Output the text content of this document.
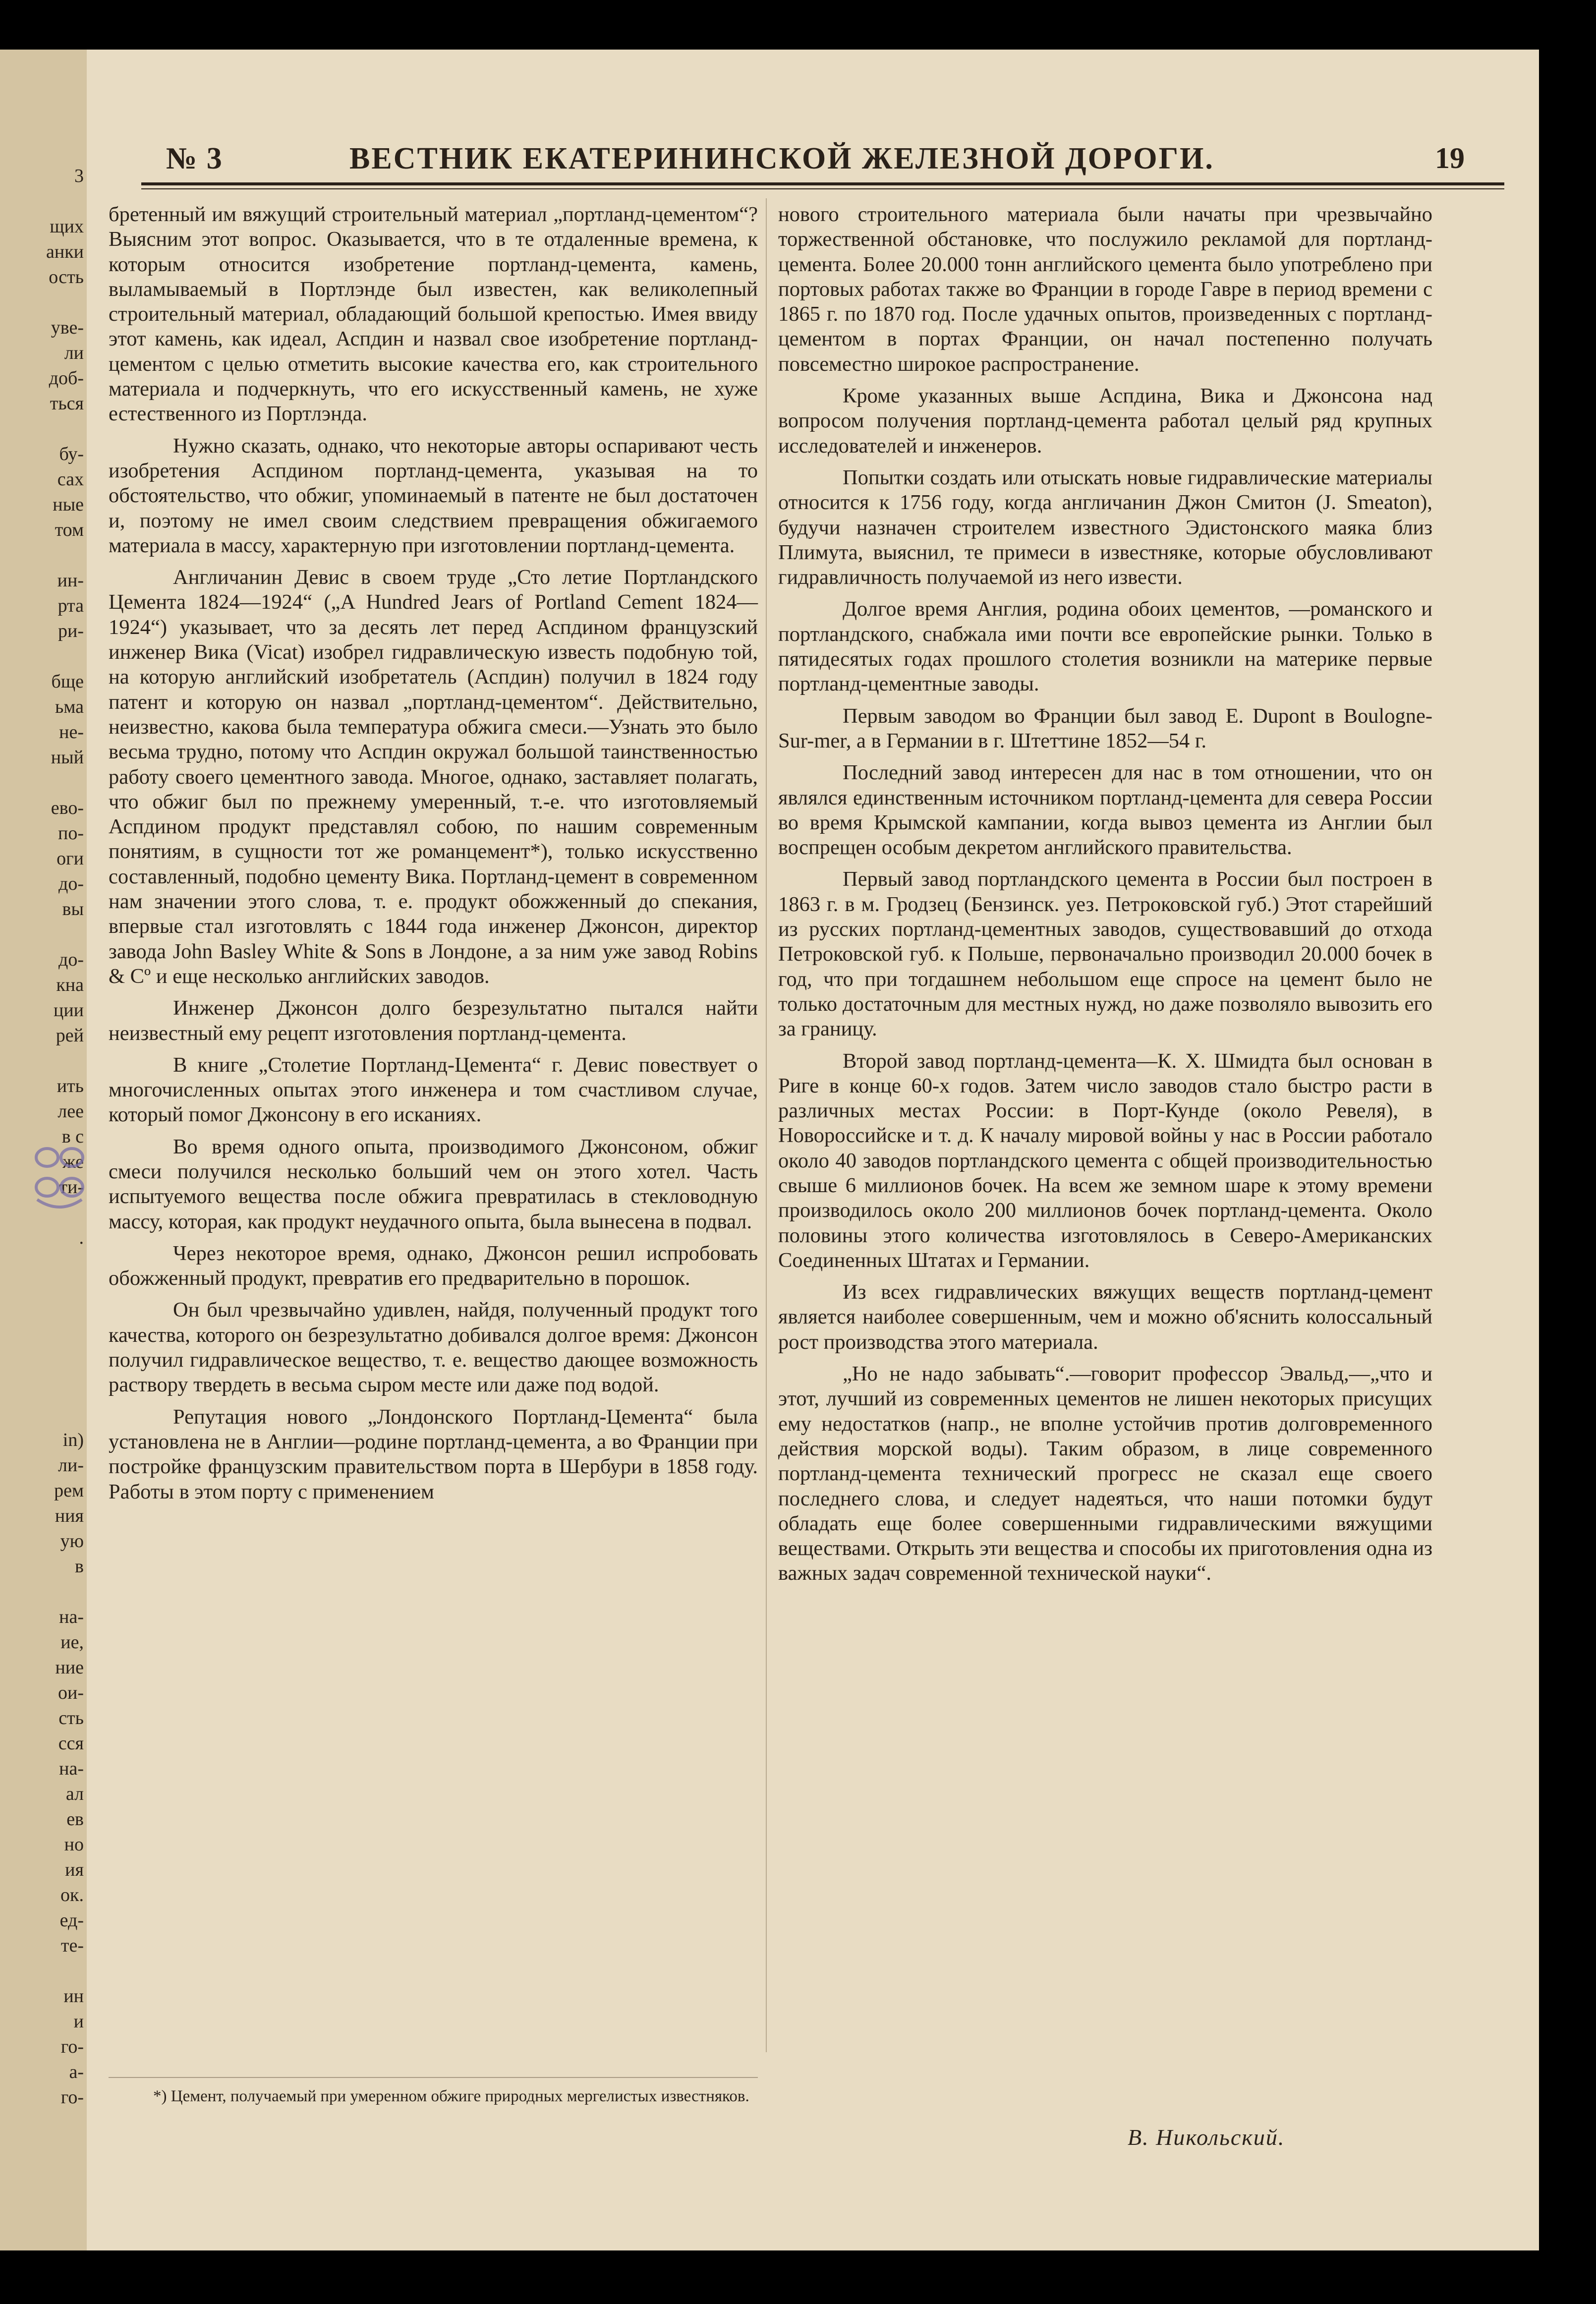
3

щих
анки
ость

уве-
ли
доб-
ться

бу-
сах
ные
том

ин-
рта
ри-

бще
ьма
не-
ный

ево-
по-
оги
до-
вы

до-
кна
ции
рей

ить
лее
в с
же
ти-

.

in)
ли-
рем
ния
ую
в

на-
ие,
ние
ои-
сть
сся
на-
ал
ев
но
ия
ок.
ед-
те-

ин
и
го-
а-
го-
№ 3	ВЕСТНИК ЕКАТЕРИНИНСКОЙ ЖЕЛЕЗНОЙ ДОРОГИ.	19

бретенный им вяжущий строительный материал „портланд-цементом“? Выясним этот вопрос. Оказывается, что в те отдаленные времена, к которым относится изобретение портланд-цемента, камень, выламываемый в Портлэнде был известен, как великолепный строительный материал, обладающий большой крепостью. Имея ввиду этот камень, как идеал, Аспдин и назвал свое изобретение портланд-цементом с целью отметить высокие качества его, как строительного материала и подчеркнуть, что его искусственный камень, не хуже естественного из Портлэнда.

Нужно сказать, однако, что некоторые авторы оспаривают честь изобретения Аспдином портланд-цемента, указывая на то обстоятельство, что обжиг, упоминаемый в патенте не был достаточен и, поэтому не имел своим следствием превращения обжигаемого материала в массу, характерную при изготовлении портланд-цемента.

Англичанин Девис в своем труде „Сто летие Портландского Цемента 1824—1924“ („A Hundred Jears of Portland Cement 1824—1924“) указывает, что за десять лет перед Аспдином французский инженер Вика (Vicat) изобрел гидравлическую известь подобную той, на которую английский изобретатель (Аспдин) получил в 1824 году патент и которую он назвал „портланд-цементом“. Действительно, неизвестно, какова была температура обжига смеси.—Узнать это было весьма трудно, потому что Аспдин окружал большой таинственностью работу своего цементного завода. Многое, однако, заставляет полагать, что обжиг был по прежнему умеренный, т.-е. что изготовляемый Аспдином продукт представлял собою, по нашим современным понятиям, в сущности тот же романцемент*), только искусственно составленный, подобно цементу Вика. Портланд-цемент в современном нам значении этого слова, т. е. продукт обожженный до спекания, впервые стал изготовлять с 1844 года инженер Джонсон, директор завода John Basley White & Sons в Лондоне, а за ним уже завод Robins & Cº и еще несколько английских заводов.

Инженер Джонсон долго безрезультатно пытался найти неизвестный ему рецепт изготовления портланд-цемента.

В книге „Столетие Портланд-Цемента“ г. Девис повествует о многочисленных опытах этого инженера и том счастливом случае, который помог Джонсону в его исканиях.

Во время одного опыта, производимого Джонсоном, обжиг смеси получился несколько больший чем он этого хотел. Часть испытуемого вещества после обжига превратилась в стекловодную массу, которая, как продукт неудачного опыта, была вынесена в подвал.

Через некоторое время, однако, Джонсон решил испробовать обожженный продукт, превратив его предварительно в порошок.

Он был чрезвычайно удивлен, найдя, полученный продукт того качества, которого он безрезультатно добивался долгое время: Джонсон получил гидравлическое вещество, т. е. вещество дающее возможность раствору твердеть в весьма сыром месте или даже под водой.

Репутация нового „Лондонского Портланд-Цемента“ была установлена не в Англии—родине портланд-цемента, а во Франции при постройке французским правительством порта в Шербури в 1858 году. Работы в этом порту с применением

нового строительного материала были начаты при чрезвычайно торжественной обстановке, что послужило рекламой для портланд-цемента. Более 20.000 тонн английского цемента было употреблено при портовых работах также во Франции в городе Гавре в период времени с 1865 г. по 1870 год. После удачных опытов, произведенных с портланд-цементом в портах Франции, он начал постепенно получать повсеместно широкое распространение.

Кроме указанных выше Аспдина, Вика и Джонсона над вопросом получения портланд-цемента работал целый ряд крупных исследователей и инженеров.

Попытки создать или отыскать новые гидравлические материалы относится к 1756 году, когда англичанин Джон Смитон (J. Smeaton), будучи назначен строителем известного Эдистонского маяка близ Плимута, выяснил, те примеси в известняке, которые обусловливают гидравличность получаемой из него извести.

Долгое время Англия, родина обоих цементов, —романского и портландского, снабжала ими почти все европейские рынки. Только в пятидесятых годах прошлого столетия возникли на материке первые портланд-цементные заводы.

Первым заводом во Франции был завод E. Dupont в Boulogne-Sur-mer, а в Германии в г. Штеттине 1852—54 г.

Последний завод интересен для нас в том отношении, что он являлся единственным источником портланд-цемента для севера России во время Крымской кампании, когда вывоз цемента из Англии был воспрещен особым декретом английского правительства.

Первый завод портландского цемента в России был построен в 1863 г. в м. Гродзец (Бензинск. уез. Петроковской губ.) Этот старейший из русских портланд-цементных заводов, существовавший до отхода Петроковской губ. к Польше, первоначально производил 20.000 бочек в год, что при тогдашнем небольшом еще спросе на цемент было не только достаточным для местных нужд, но даже позволяло вывозить его за границу.

Второй завод портланд-цемента—К. Х. Шмидта был основан в Риге в конце 60-х годов. Затем число заводов стало быстро расти в различных местах России: в Порт-Кунде (около Ревеля), в Новороссийске и т. д. К началу мировой войны у нас в России работало около 40 заводов портландского цемента с общей производительностью свыше 6 миллионов бочек. На всем же земном шаре к этому времени производилось около 200 миллионов бочек портланд-цемента. Около половины этого количества изготовлялось в Северо-Американских Соединенных Штатах и Германии.

Из всех гидравлических вяжущих веществ портланд-цемент является наиболее совершенным, чем и можно об'яснить колоссальный рост производства этого материала.

„Но не надо забывать“.—говорит профессор Эвальд,—„что и этот, лучший из современных цементов не лишен некоторых присущих ему недостатков (напр., не вполне устойчив против долговременного действия морской воды). Таким образом, в лице современного портланд-цемента технический прогресс не сказал еще своего последнего слова, и следует надеяться, что наши потомки будут обладать еще более совершенными гидравлическими вяжущими веществами. Открыть эти вещества и способы их приготовления одна из важных задач современной технической науки“.

*) Цемент, получаемый при умеренном обжиге природных мергелистых известняков.
В. Никольский.
